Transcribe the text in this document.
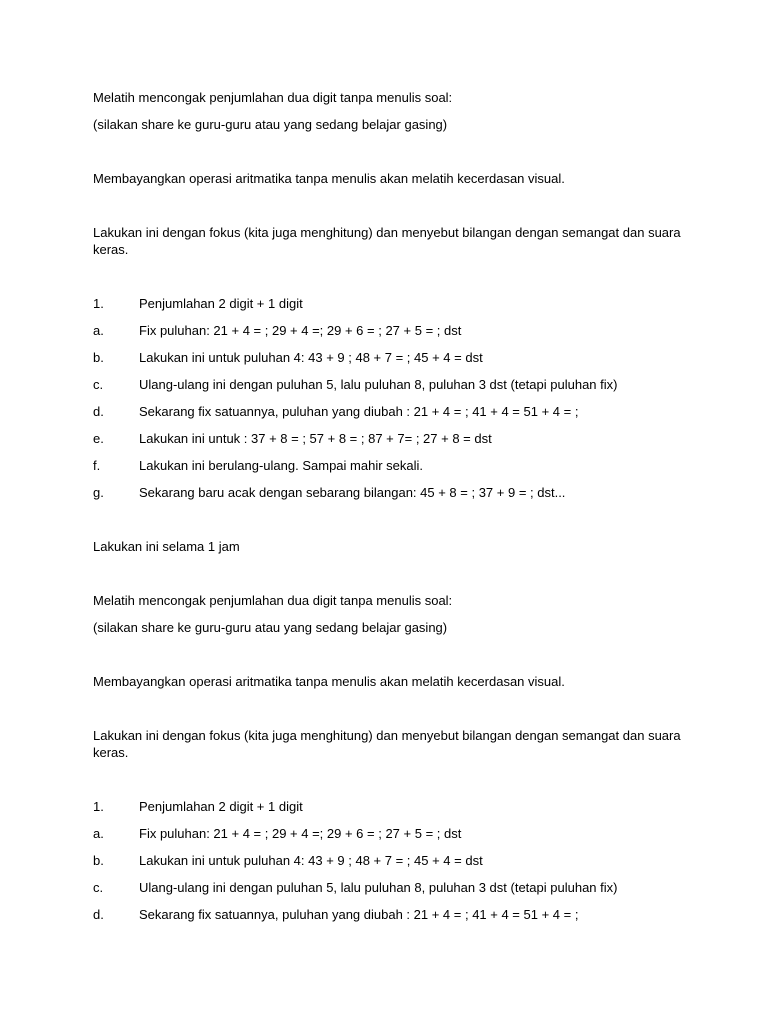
Melatih mencongak penjumlahan dua digit tanpa menulis soal:

(silakan share ke guru-guru atau yang sedang belajar gasing)

Membayangkan operasi aritmatika tanpa menulis akan melatih kecerdasan visual.

Lakukan ini dengan fokus (kita juga menghitung) dan menyebut bilangan dengan semangat dan suara keras.

1.	Penjumlahan 2 digit + 1 digit
a.	Fix puluhan: 21 + 4 = ; 29 + 4 =; 29 + 6 = ; 27 + 5 = ; dst
b.	Lakukan ini untuk puluhan 4: 43 + 9 ; 48 + 7 = ; 45 + 4 = dst
c.	Ulang-ulang ini dengan puluhan 5, lalu puluhan 8, puluhan 3 dst (tetapi puluhan fix)
d.	Sekarang fix satuannya, puluhan yang diubah : 21 + 4 = ; 41 + 4 = 51 + 4 = ;
e.	Lakukan ini untuk : 37 + 8 = ; 57 + 8 = ; 87 + 7= ; 27 + 8 = dst
f.	Lakukan ini berulang-ulang. Sampai mahir sekali.
g.	Sekarang baru acak dengan sebarang bilangan: 45 + 8 = ; 37 + 9 = ; dst...

Lakukan ini selama 1 jam

Melatih mencongak penjumlahan dua digit tanpa menulis soal:

(silakan share ke guru-guru atau yang sedang belajar gasing)

Membayangkan operasi aritmatika tanpa menulis akan melatih kecerdasan visual.

Lakukan ini dengan fokus (kita juga menghitung) dan menyebut bilangan dengan semangat dan suara keras.

1.	Penjumlahan 2 digit + 1 digit
a.	Fix puluhan: 21 + 4 = ; 29 + 4 =; 29 + 6 = ; 27 + 5 = ; dst
b.	Lakukan ini untuk puluhan 4: 43 + 9 ; 48 + 7 = ; 45 + 4 = dst
c.	Ulang-ulang ini dengan puluhan 5, lalu puluhan 8, puluhan 3 dst (tetapi puluhan fix)
d.	Sekarang fix satuannya, puluhan yang diubah : 21 + 4 = ; 41 + 4 = 51 + 4 = ;
